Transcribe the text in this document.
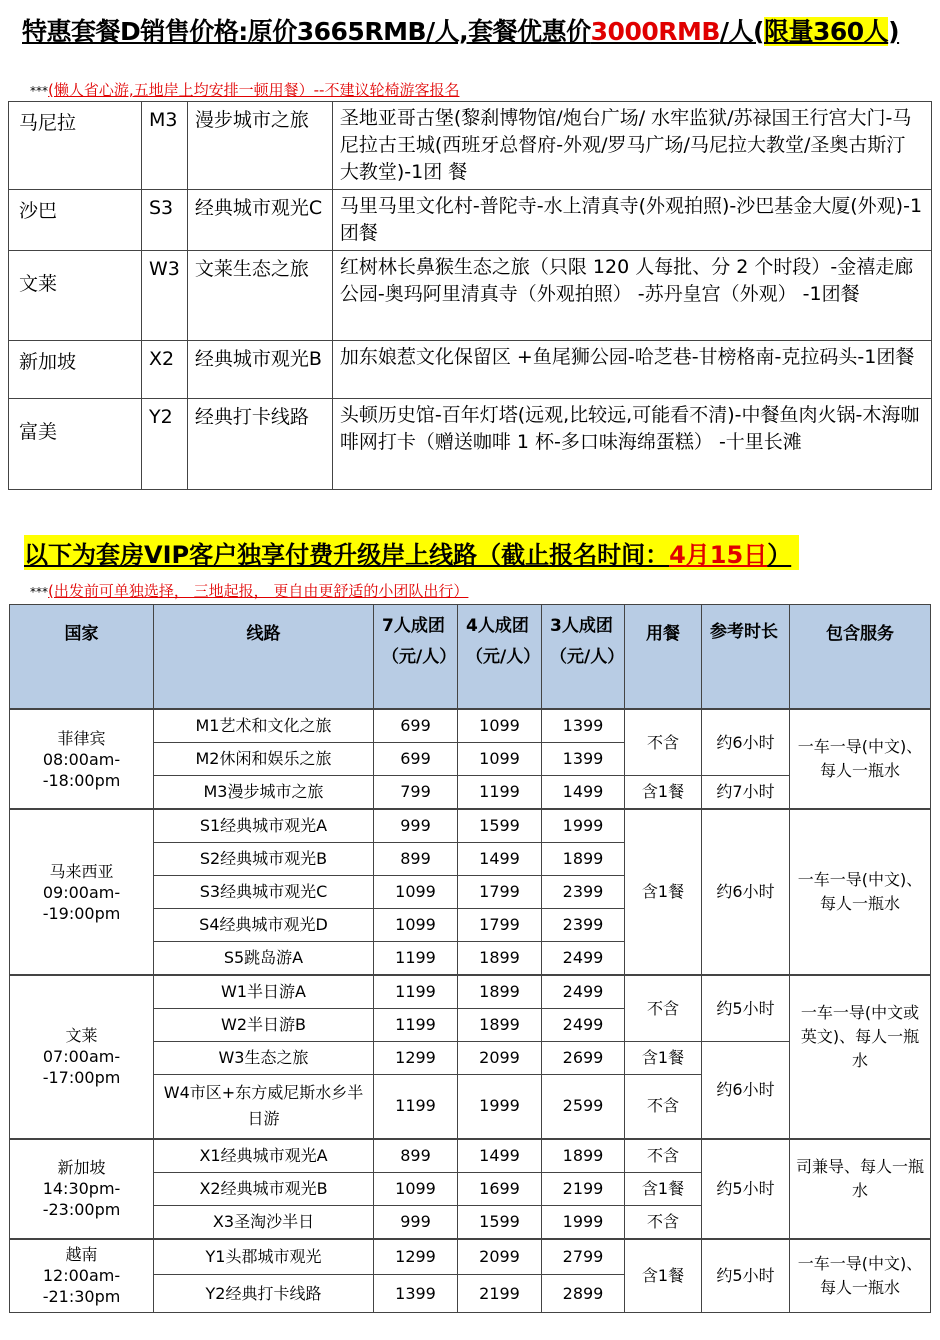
特惠套餐D销售价格:原价3665RMB/人,套餐优惠价3000RMB/人(限量360人)
***(懒人省心游,五地岸上均安排一顿用餐）--不建议轮椅游客报名
马尼拉	M3	漫步城市之旅	圣地亚哥古堡(黎刹博物馆/炮台广场/ 水牢监狱/苏禄国王行宫大门-马尼拉古王城(西班牙总督府-外观/罗马广场/马尼拉大教堂/圣奥古斯汀大教堂)-1团 餐
沙巴	S3	经典城市观光C	马里马里文化村-普陀寺-水上清真寺(外观拍照)-沙巴基金大厦(外观)-1团餐
文莱	W3	文莱生态之旅	红树林长鼻猴生态之旅（只限 120 人每批、分 2 个时段）-金禧走廊公园-奥玛阿里清真寺（外观拍照） -苏丹皇宫（外观） -1团餐
新加坡	X2	经典城市观光B	加东娘惹文化保留区 +鱼尾狮公园-哈芝巷-甘榜格南-克拉码头-1团餐
富美	Y2	经典打卡线路	头顿历史馆-百年灯塔(远观,比较远,可能看不清)-中餐鱼肉火锅-木海咖啡网打卡（赠送咖啡 1 杯-多口味海绵蛋糕） -十里长滩
以下为套房VIP客户独享付费升级岸上线路（截止报名时间：4月15日）
***(出发前可单独选择， 三地起报， 更自由更舒适的小团队出行）
国家	线路	7人成团（元/人）	4人成团（元/人）	3人成团（元/人）	用餐	参考时长	包含服务

菲律宾
08:00am--18:00pm	M1艺术和文化之旅	699	1099	1399	不含	约6小时	一车一导(中文)、每人一瓶水
	M2休闲和娱乐之旅	699	1099	1399			
	M3漫步城市之旅	799	1199	1499	含1餐	约7小时	

马来西亚
09:00am--19:00pm	S1经典城市观光A	999	1599	1999	含1餐	约6小时	一车一导(中文)、每人一瓶水
	S2经典城市观光B	899	1499	1899			
	S3经典城市观光C	1099	1799	2399			
	S4经典城市观光D	1099	1799	2399			
	S5跳岛游A	1199	1899	2499			

文莱
07:00am--17:00pm	W1半日游A	1199	1899	2499	不含	约5小时	一车一导(中文或英文)、每人一瓶水
	W2半日游B	1199	1899	2499			
	W3生态之旅	1299	2099	2699	含1餐	约6小时	
	W4市区+东方威尼斯水乡半日游	1199	1999	2599	不含		

新加坡
14:30pm--23:00pm	X1经典城市观光A	899	1499	1899	不含	约5小时	司兼导、每人一瓶水
	X2经典城市观光B	1099	1699	2199	含1餐		
	X3圣淘沙半日	999	1599	1999	不含		

越南
12:00am--21:30pm	Y1头郡城市观光	1299	2099	2799	含1餐	约5小时	一车一导(中文)、每人一瓶水
	Y2经典打卡线路	1399	2199	2899			
